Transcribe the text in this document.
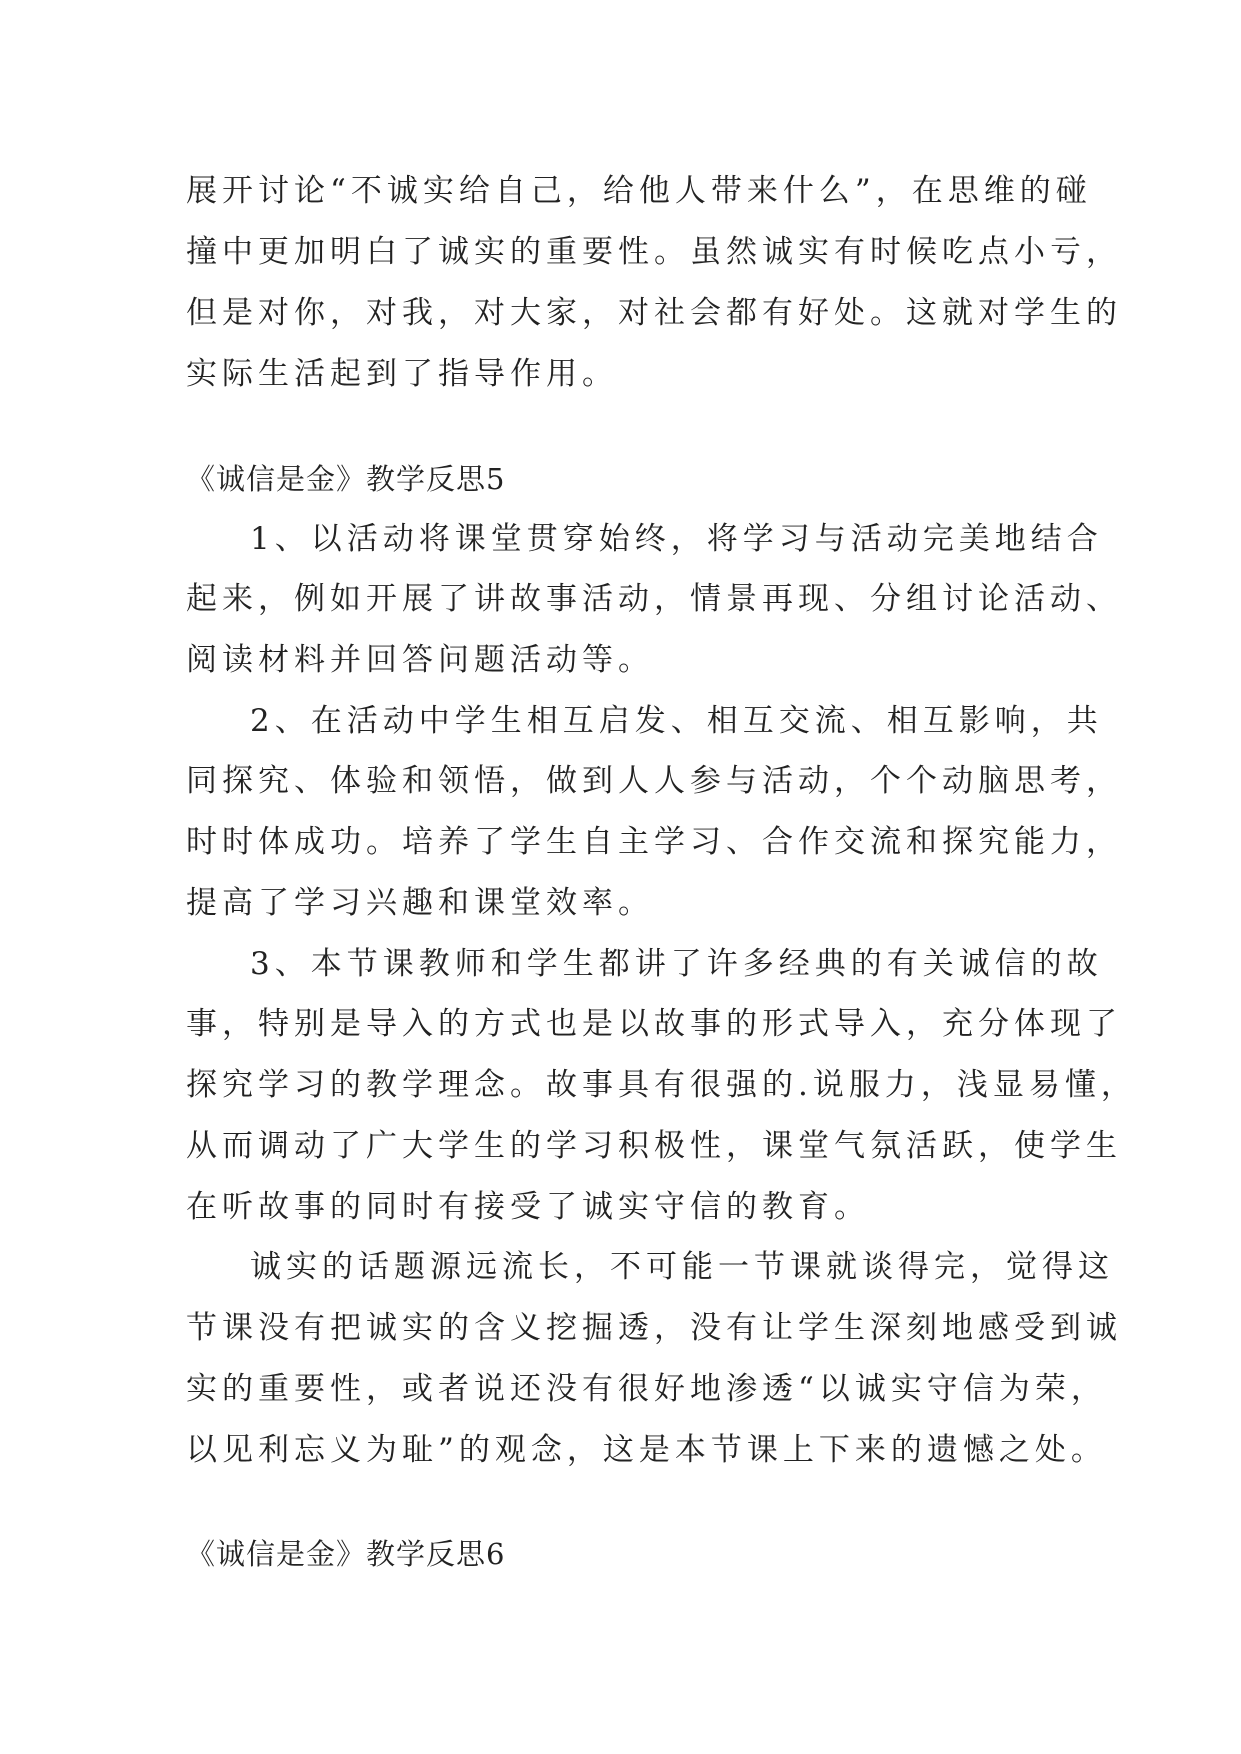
展开讨论“不诚实给自己，给他人带来什么”，在思维的碰
撞中更加明白了诚实的重要性。虽然诚实有时候吃点小亏，
但是对你，对我，对大家，对社会都有好处。这就对学生的
实际生活起到了指导作用。
《诚信是金》教学反思5
1、以活动将课堂贯穿始终，将学习与活动完美地结合
起来，例如开展了讲故事活动，情景再现、分组讨论活动、
阅读材料并回答问题活动等。
2、在活动中学生相互启发、相互交流、相互影响，共
同探究、体验和领悟，做到人人参与活动，个个动脑思考，
时时体成功。培养了学生自主学习、合作交流和探究能力，
提高了学习兴趣和课堂效率。
3、本节课教师和学生都讲了许多经典的有关诚信的故
事，特别是导入的方式也是以故事的形式导入，充分体现了
探究学习的教学理念。故事具有很强的.说服力，浅显易懂，
从而调动了广大学生的学习积极性，课堂气氛活跃，使学生
在听故事的同时有接受了诚实守信的教育。
诚实的话题源远流长，不可能一节课就谈得完，觉得这
节课没有把诚实的含义挖掘透，没有让学生深刻地感受到诚
实的重要性，或者说还没有很好地渗透“以诚实守信为荣，
以见利忘义为耻”的观念，这是本节课上下来的遗憾之处。
《诚信是金》教学反思6
